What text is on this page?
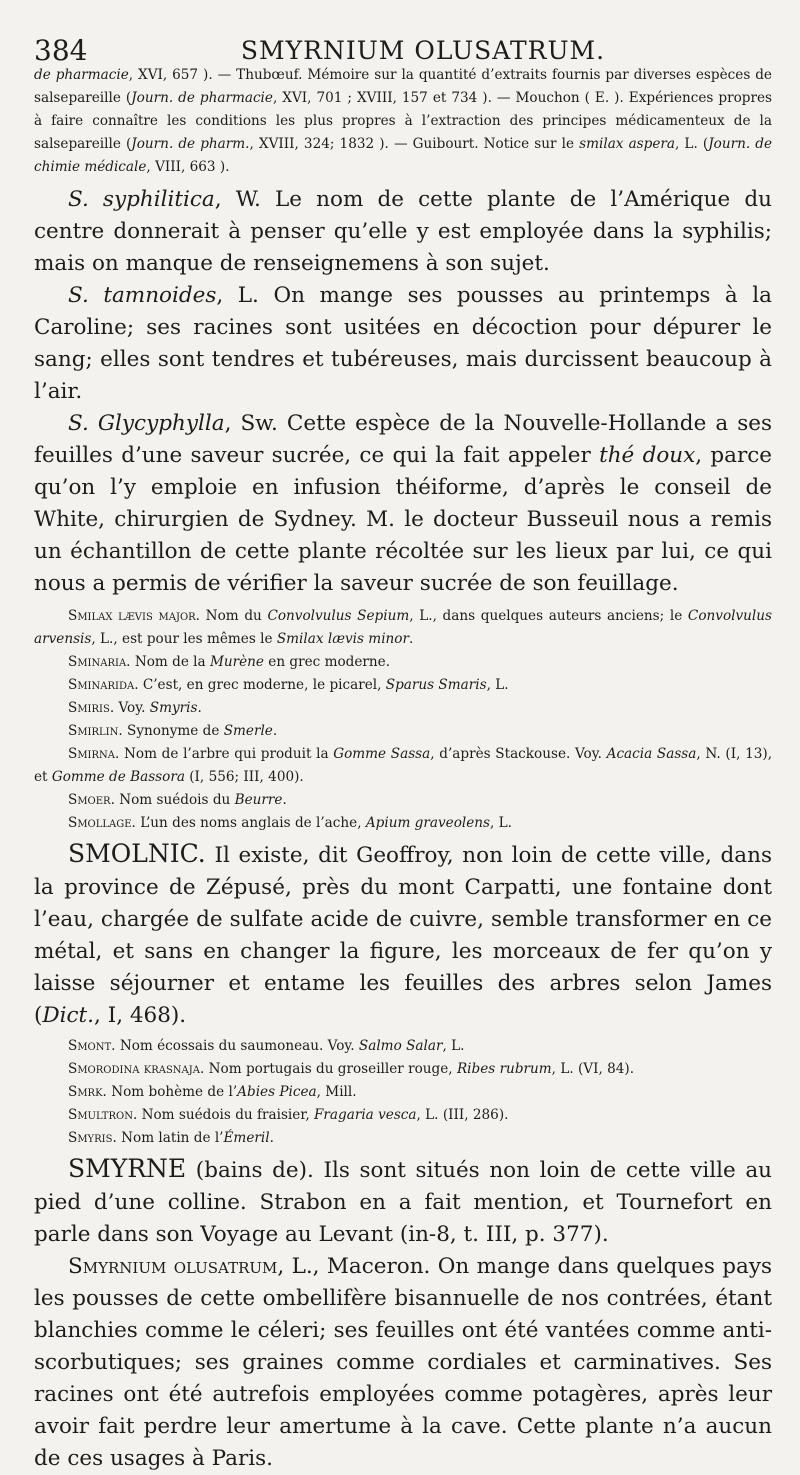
384	SMYRNIUM OLUSATRUM.

de pharmacie, XVI, 657 ). — Thubœuf. Mémoire sur la quantité d’extraits fournis par diverses espèces de salsepareille (Journ. de pharmacie, XVI, 701 ; XVIII, 157 et 734 ). — Mouchon ( E. ). Expériences propres à faire connaître les conditions les plus propres à l’extraction des principes médicamenteux de la salsepareille (Journ. de pharm., XVIII, 324; 1832 ). — Guibourt. Notice sur le smilax aspera, L. (Journ. de chimie médicale, VIII, 663 ).

S. syphilitica, W. Le nom de cette plante de l’Amérique du centre donnerait à penser qu’elle y est employée dans la syphilis; mais on manque de renseignemens à son sujet.

S. tamnoides, L. On mange ses pousses au printemps à la Caroline; ses racines sont usitées en décoction pour dépurer le sang; elles sont tendres et tubéreuses, mais durcissent beaucoup à l’air.

S. Glycyphylla, Sw. Cette espèce de la Nouvelle-Hollande a ses feuilles d’une saveur sucrée, ce qui la fait appeler thé doux, parce qu’on l’y emploie en infusion théiforme, d’après le conseil de White, chirurgien de Sydney. M. le docteur Busseuil nous a remis un échantillon de cette plante récoltée sur les lieux par lui, ce qui nous a permis de vérifier la saveur sucrée de son feuillage.

Smilax lævis major. Nom du Convolvulus Sepium, L., dans quelques auteurs anciens; le Convolvulus arvensis, L., est pour les mêmes le Smilax lævis minor.

Sminaria. Nom de la Murène en grec moderne.

Sminarida. C’est, en grec moderne, le picarel, Sparus Smaris, L.

Smiris. Voy. Smyris.

Smirlin. Synonyme de Smerle.

Smirna. Nom de l’arbre qui produit la Gomme Sassa, d’après Stackouse. Voy. Acacia Sassa, N. (I, 13), et Gomme de Bassora (I, 556; III, 400).

Smoer. Nom suédois du Beurre.

Smollage. L’un des noms anglais de l’ache, Apium graveolens, L.

SMOLNIC. Il existe, dit Geoffroy, non loin de cette ville, dans la province de Zépusé, près du mont Carpatti, une fontaine dont l’eau, chargée de sulfate acide de cuivre, semble transformer en ce métal, et sans en changer la figure, les morceaux de fer qu’on y laisse séjourner et entame les feuilles des arbres selon James (Dict., I, 468).

Smont. Nom écossais du saumoneau. Voy. Salmo Salar, L.

Smorodina krasnaja. Nom portugais du groseiller rouge, Ribes rubrum, L. (VI, 84).

Smrk. Nom bohème de l’Abies Picea, Mill.

Smultron. Nom suédois du fraisier, Fragaria vesca, L. (III, 286).

Smyris. Nom latin de l’Émeril.

SMYRNE (bains de). Ils sont situés non loin de cette ville au pied d’une colline. Strabon en a fait mention, et Tournefort en parle dans son Voyage au Levant (in-8, t. III, p. 377).

Smyrnium olusatrum, L., Maceron. On mange dans quelques pays les pousses de cette ombellifère bisannuelle de nos contrées, étant blanchies comme le céleri; ses feuilles ont été vantées comme anti-scorbutiques; ses graines comme cordiales et carminatives. Ses racines ont été autrefois employées comme potagères, après leur avoir fait perdre leur amertume à la cave. Cette plante n’a aucun de ces usages à Paris.
